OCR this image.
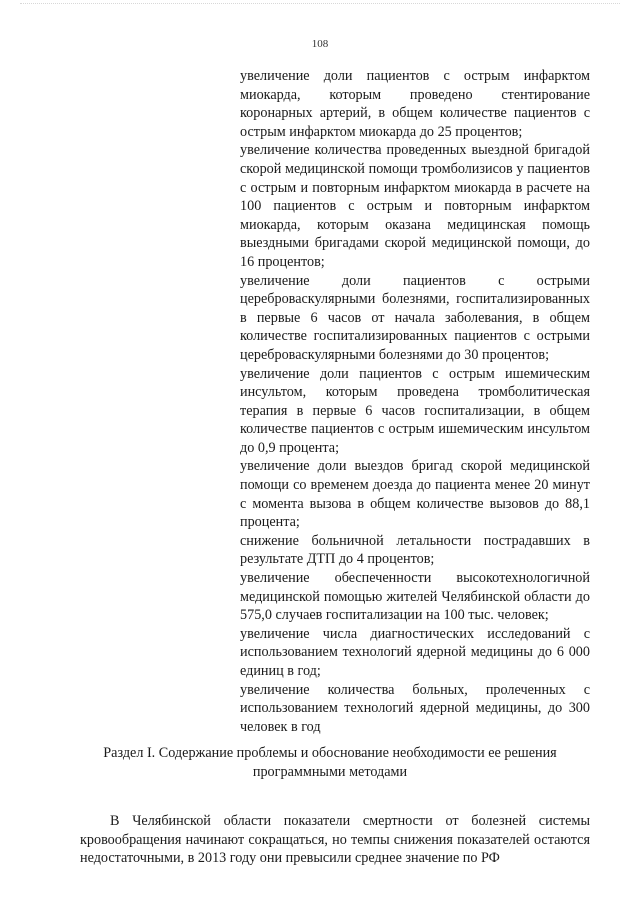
108

увеличение доли пациентов с острым инфарктом миокарда, которым проведено стентирование коронарных артерий, в общем количестве пациентов с острым инфарктом миокарда до 25 процентов;

увеличение количества проведенных выездной бригадой скорой медицинской помощи тромболизисов у пациентов с острым и повторным инфарктом миокарда в расчете на 100 пациентов с острым и повторным инфарктом миокарда, которым оказана медицинская помощь выездными бригадами скорой медицинской помощи, до 16 процентов;

увеличение доли пациентов с острыми цереброваскулярными болезнями, госпитализированных в первые 6 часов от начала заболевания, в общем количестве госпитализированных пациентов с острыми цереброваскулярными болезнями до 30 процентов;

увеличение доли пациентов с острым ишемическим инсультом, которым проведена тромболитическая терапия в первые 6 часов госпитализации, в общем количестве пациентов с острым ишемическим инсультом до 0,9 процента;

увеличение доли выездов бригад скорой медицинской помощи со временем доезда до пациента менее 20 минут с момента вызова в общем количестве вызовов до 88,1 процента;

снижение больничной летальности пострадавших в результате ДТП до 4 процентов;

увеличение обеспеченности высокотехнологичной медицинской помощью жителей Челябинской области до 575,0 случаев госпитализации на 100 тыс. человек;

увеличение числа диагностических исследований с использованием технологий ядерной медицины до 6 000 единиц в год;

увеличение количества больных, пролеченных с использованием технологий ядерной медицины, до 300 человек в год

Раздел I. Содержание проблемы и обоснование необходимости ее решения программными методами

В Челябинской области показатели смертности от болезней системы кровообращения начинают сокращаться, но темпы снижения показателей остаются недостаточными, в 2013 году они превысили среднее значение по РФ
